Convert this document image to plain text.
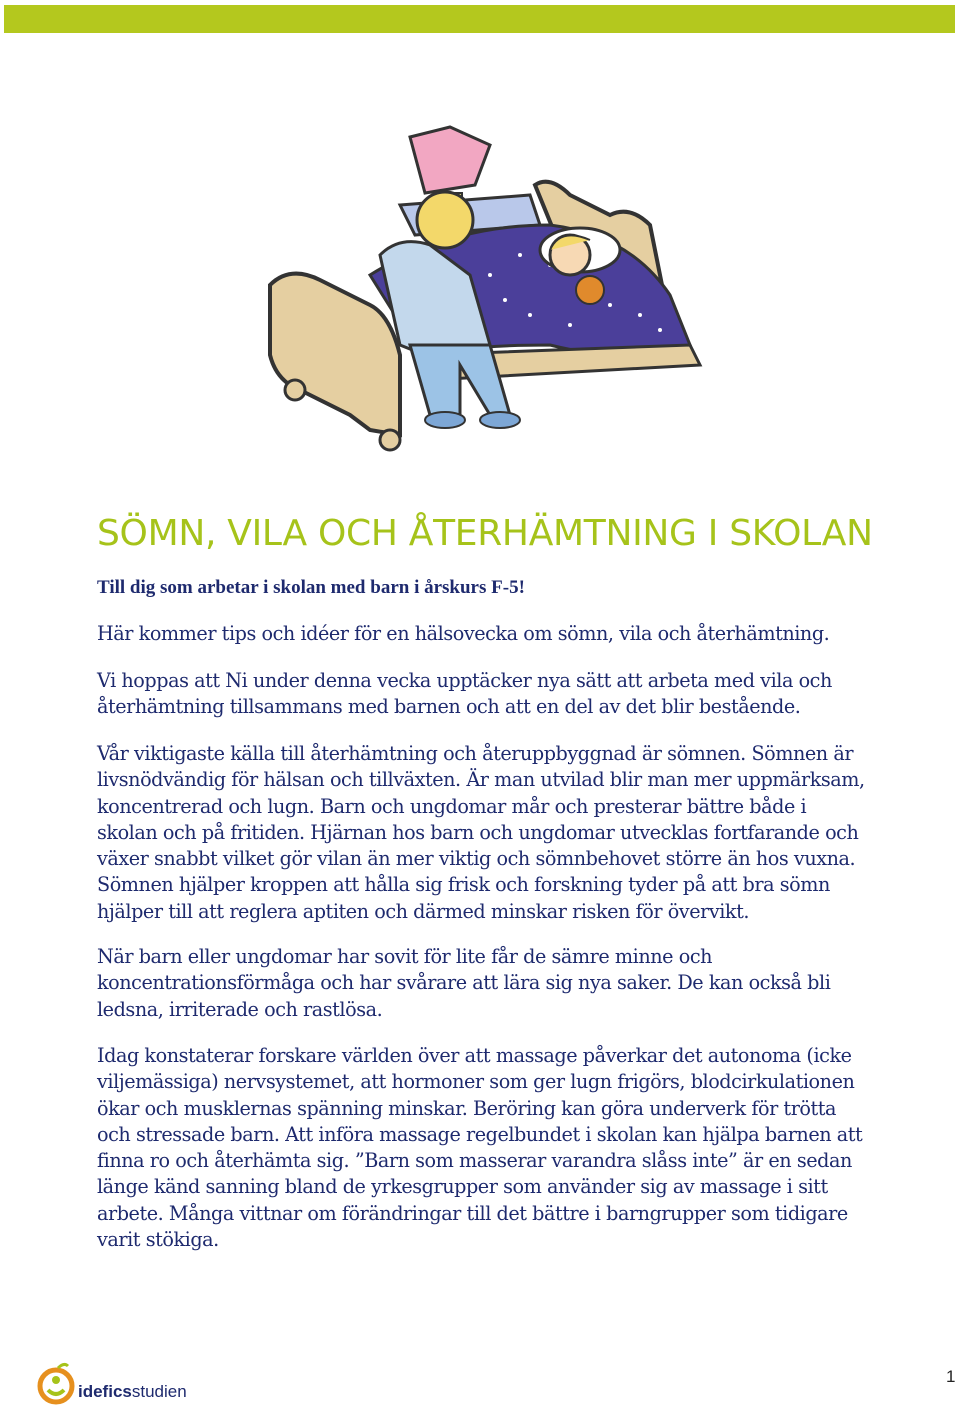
SÖMN, VILA OCH ÅTERHÄMTNING I SKOLAN

Till dig som arbetar i skolan med barn i årskurs F-5!

Här kommer tips och idéer för en hälsovecka om sömn, vila och återhämtning.

Vi hoppas att Ni under denna vecka upptäcker nya sätt att arbeta med vila och återhämtning tillsammans med barnen och att en del av det blir bestående.

Vår viktigaste källa till återhämtning och återuppbyggnad är sömnen. Sömnen är livsnödvändig för hälsan och tillväxten. Är man utvilad blir man mer uppmärksam, koncentrerad och lugn. Barn och ungdomar mår och presterar bättre både i skolan och på fritiden. Hjärnan hos barn och ungdomar utvecklas fortfarande och växer snabbt vilket gör vilan än mer viktig och sömnbehovet större än hos vuxna. Sömnen hjälper kroppen att hålla sig frisk och forskning tyder på att bra sömn hjälper till att reglera aptiten och därmed minskar risken för övervikt.

När barn eller ungdomar har sovit för lite får de sämre minne och koncentrationsförmåga och har svårare att lära sig nya saker. De kan också bli ledsna, irriterade och rastlösa.

Idag konstaterar forskare världen över att massage påverkar det autonoma (icke viljemässiga) nervsystemet, att hormoner som ger lugn frigörs, blodcirkulationen ökar och musklernas spänning minskar. Beröring kan göra underverk för trötta och stressade barn. Att införa massage regelbundet i skolan kan hjälpa barnen att finna ro och återhämta sig. ”Barn som masserar varandra slåss inte” är en sedan länge känd sanning bland de yrkesgrupper som använder sig av massage i sitt arbete. Många vittnar om förändringar till det bättre i barngrupper som tidigare varit stökiga.

ideficsstudien
1
